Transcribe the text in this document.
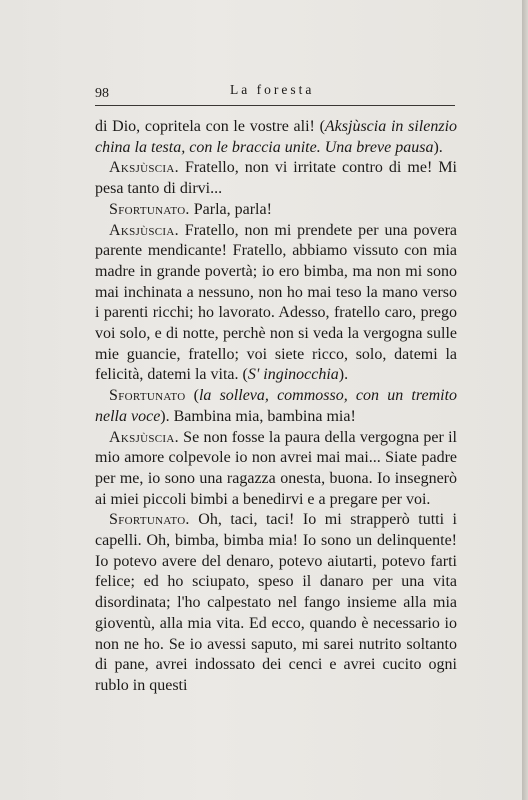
98	La foresta

di Dio, copritela con le vostre ali! (Aksjùscia in silenzio china la testa, con le braccia unite. Una breve pausa).

Aksjùscia. Fratello, non vi irritate contro di me! Mi pesa tanto di dirvi...

Sfortunato. Parla, parla!

Aksjùscia. Fratello, non mi prendete per una povera parente mendicante! Fratello, abbiamo vissuto con mia madre in grande povertà; io ero bimba, ma non mi sono mai inchinata a nessuno, non ho mai teso la mano verso i parenti ricchi; ho lavorato. Adesso, fratello caro, prego voi solo, e di notte, perchè non si veda la vergogna sulle mie guancie, fratello; voi siete ricco, solo, datemi la felicità, datemi la vita. (S' inginocchia).

Sfortunato (la solleva, commosso, con un tremito nella voce). Bambina mia, bambina mia!

Aksjùscia. Se non fosse la paura della vergogna per il mio amore colpevole io non avrei mai mai... Siate padre per me, io sono una ragazza onesta, buona. Io insegnerò ai miei piccoli bimbi a benedirvi e a pregare per voi.

Sfortunato. Oh, taci, taci! Io mi strapperò tutti i capelli. Oh, bimba, bimba mia! Io sono un delinquente! Io potevo avere del denaro, potevo aiutarti, potevo farti felice; ed ho sciupato, speso il danaro per una vita disordinata; l'ho calpestato nel fango insieme alla mia gioventù, alla mia vita. Ed ecco, quando è necessario io non ne ho. Se io avessi saputo, mi sarei nutrito soltanto di pane, avrei indossato dei cenci e avrei cucito ogni rublo in questi
